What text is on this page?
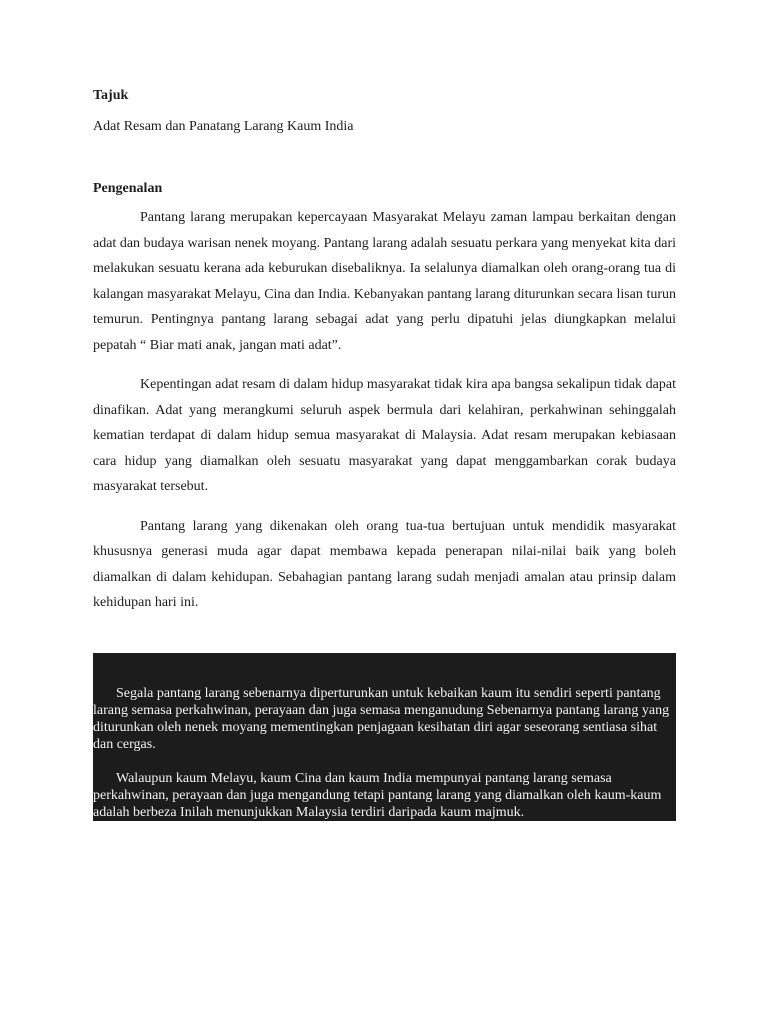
Tajuk

Adat Resam dan Panatang Larang Kaum India

Pengenalan

Pantang larang merupakan kepercayaan Masyarakat Melayu zaman lampau berkaitan dengan adat dan budaya warisan nenek moyang. Pantang larang adalah sesuatu perkara yang menyekat kita dari melakukan sesuatu kerana ada keburukan disebaliknya. Ia selalunya diamalkan oleh orang-orang tua di kalangan masyarakat Melayu, Cina dan India. Kebanyakan pantang larang diturunkan secara lisan turun temurun. Pentingnya pantang larang sebagai adat yang perlu dipatuhi jelas diungkapkan melalui pepatah “ Biar mati anak, jangan mati adat”.

Kepentingan adat resam di dalam hidup masyarakat tidak kira apa bangsa sekalipun tidak dapat dinafikan. Adat yang merangkumi seluruh aspek bermula dari kelahiran, perkahwinan sehinggalah kematian terdapat di dalam hidup semua masyarakat di Malaysia. Adat resam merupakan kebiasaan cara hidup yang diamalkan oleh sesuatu masyarakat yang dapat menggambarkan corak budaya masyarakat tersebut.

Pantang larang yang dikenakan oleh orang tua-tua bertujuan untuk mendidik masyarakat khususnya generasi muda agar dapat membawa kepada penerapan nilai-nilai baik yang boleh diamalkan di dalam kehidupan. Sebahagian pantang larang sudah menjadi amalan atau prinsip dalam kehidupan hari ini.

Segala pantang larang sebenarnya diperturunkan untuk kebaikan kaum itu sendiri seperti pantang larang semasa perkahwinan, perayaan dan juga semasa menganudung Sebenarnya pantang larang yang diturunkan oleh nenek moyang mementingkan penjagaan kesihatan diri agar seseorang sentiasa sihat dan cergas.

Walaupun kaum Melayu, kaum Cina dan kaum India mempunyai pantang larang semasa perkahwinan, perayaan dan juga mengandung tetapi pantang larang yang diamalkan oleh kaum-kaum adalah berbeza Inilah menunjukkan Malaysia terdiri daripada kaum majmuk.
